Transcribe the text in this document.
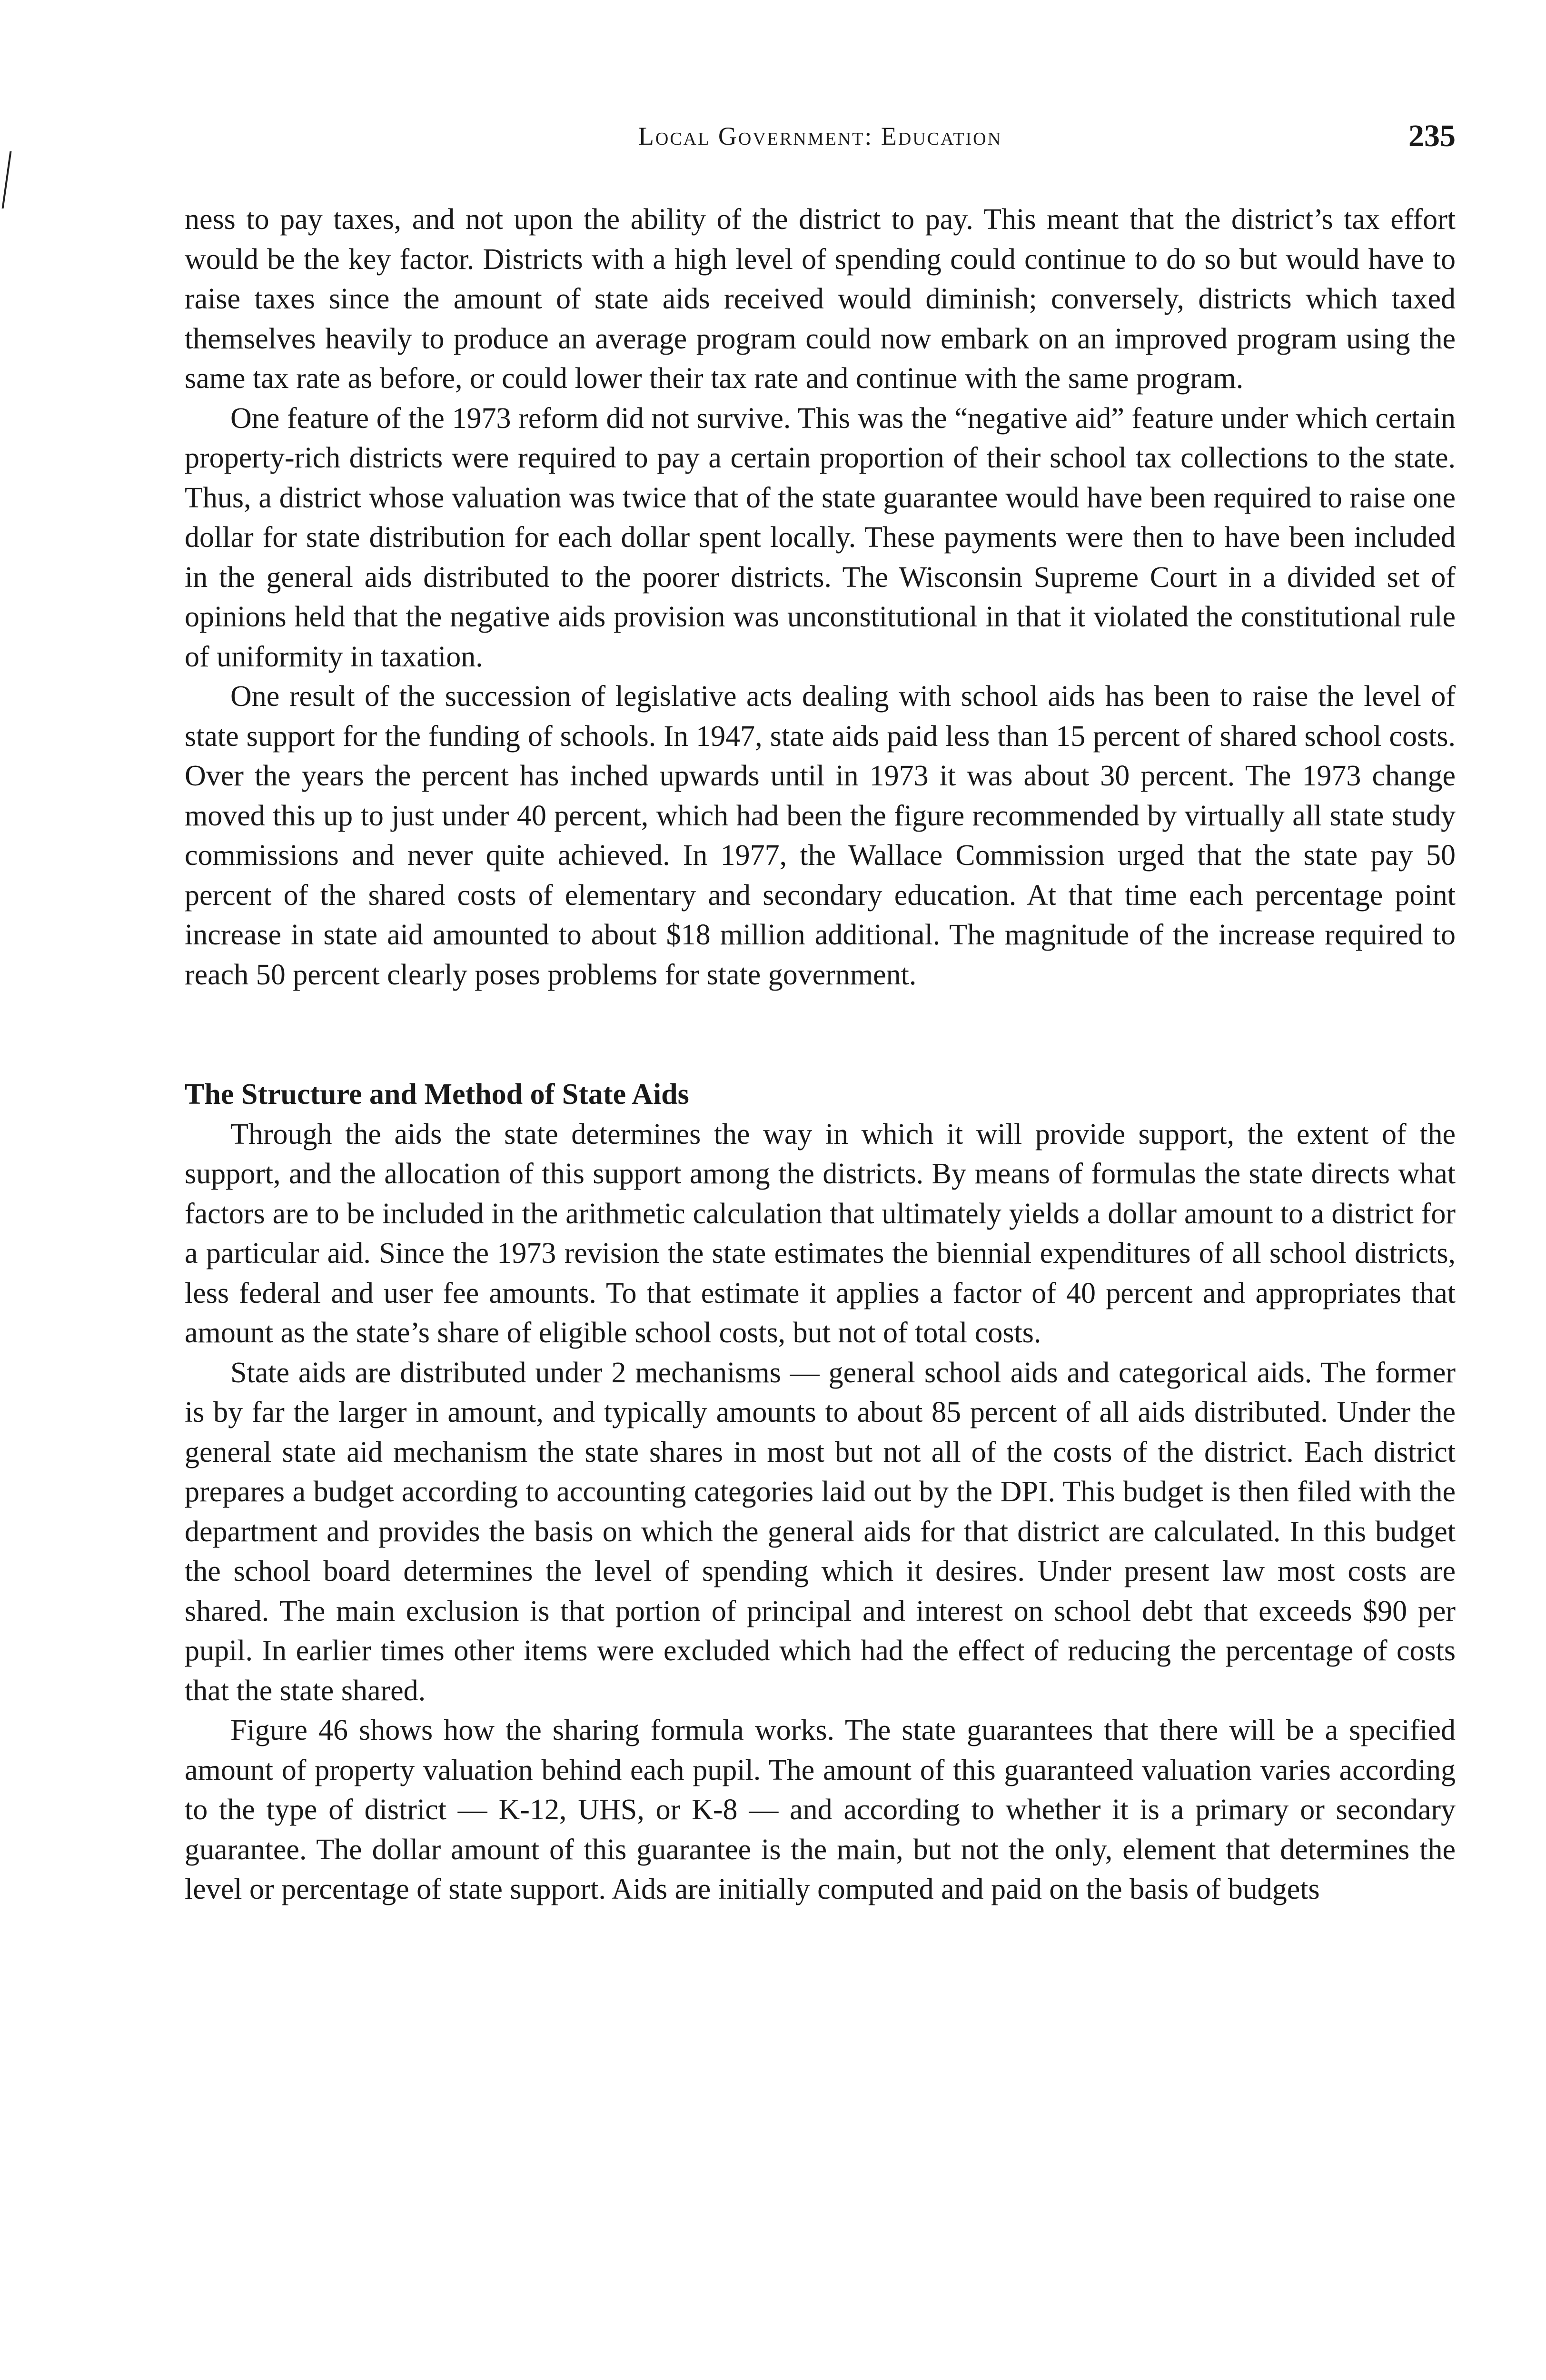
Local Government: Education	235

ness to pay taxes, and not upon the ability of the district to pay. This meant that the district’s tax effort would be the key factor. Districts with a high level of spending could continue to do so but would have to raise taxes since the amount of state aids received would diminish; conversely, districts which taxed themselves heavily to produce an average program could now embark on an improved program using the same tax rate as before, or could lower their tax rate and continue with the same program.

One feature of the 1973 reform did not survive. This was the “negative aid” feature under which certain property-rich districts were required to pay a certain proportion of their school tax collections to the state. Thus, a district whose valuation was twice that of the state guarantee would have been required to raise one dollar for state distribution for each dollar spent locally. These payments were then to have been included in the general aids distributed to the poorer districts. The Wisconsin Supreme Court in a divided set of opinions held that the negative aids provision was unconstitutional in that it violated the constitutional rule of uniformity in taxation.

One result of the succession of legislative acts dealing with school aids has been to raise the level of state support for the funding of schools. In 1947, state aids paid less than 15 percent of shared school costs. Over the years the percent has inched upwards until in 1973 it was about 30 percent. The 1973 change moved this up to just under 40 percent, which had been the figure recommended by virtually all state study commissions and never quite achieved. In 1977, the Wallace Commission urged that the state pay 50 percent of the shared costs of elementary and secondary education. At that time each percentage point increase in state aid amounted to about $18 million additional. The magnitude of the increase required to reach 50 percent clearly poses problems for state government.

The Structure and Method of State Aids

Through the aids the state determines the way in which it will provide support, the extent of the support, and the allocation of this support among the districts. By means of formulas the state directs what factors are to be included in the arithmetic calculation that ultimately yields a dollar amount to a district for a particular aid. Since the 1973 revision the state estimates the biennial expenditures of all school districts, less federal and user fee amounts. To that estimate it applies a factor of 40 percent and appropriates that amount as the state’s share of eligible school costs, but not of total costs.

State aids are distributed under 2 mechanisms — general school aids and categorical aids. The former is by far the larger in amount, and typically amounts to about 85 percent of all aids distributed. Under the general state aid mechanism the state shares in most but not all of the costs of the district. Each district prepares a budget according to accounting categories laid out by the DPI. This budget is then filed with the department and provides the basis on which the general aids for that district are calculated. In this budget the school board determines the level of spending which it desires. Under present law most costs are shared. The main exclusion is that portion of principal and interest on school debt that exceeds $90 per pupil. In earlier times other items were excluded which had the effect of reducing the percentage of costs that the state shared.

Figure 46 shows how the sharing formula works. The state guarantees that there will be a specified amount of property valuation behind each pupil. The amount of this guaranteed valuation varies according to the type of district — K-12, UHS, or K-8 — and according to whether it is a primary or secondary guarantee. The dollar amount of this guarantee is the main, but not the only, element that determines the level or percentage of state support. Aids are initially computed and paid on the basis of budgets
